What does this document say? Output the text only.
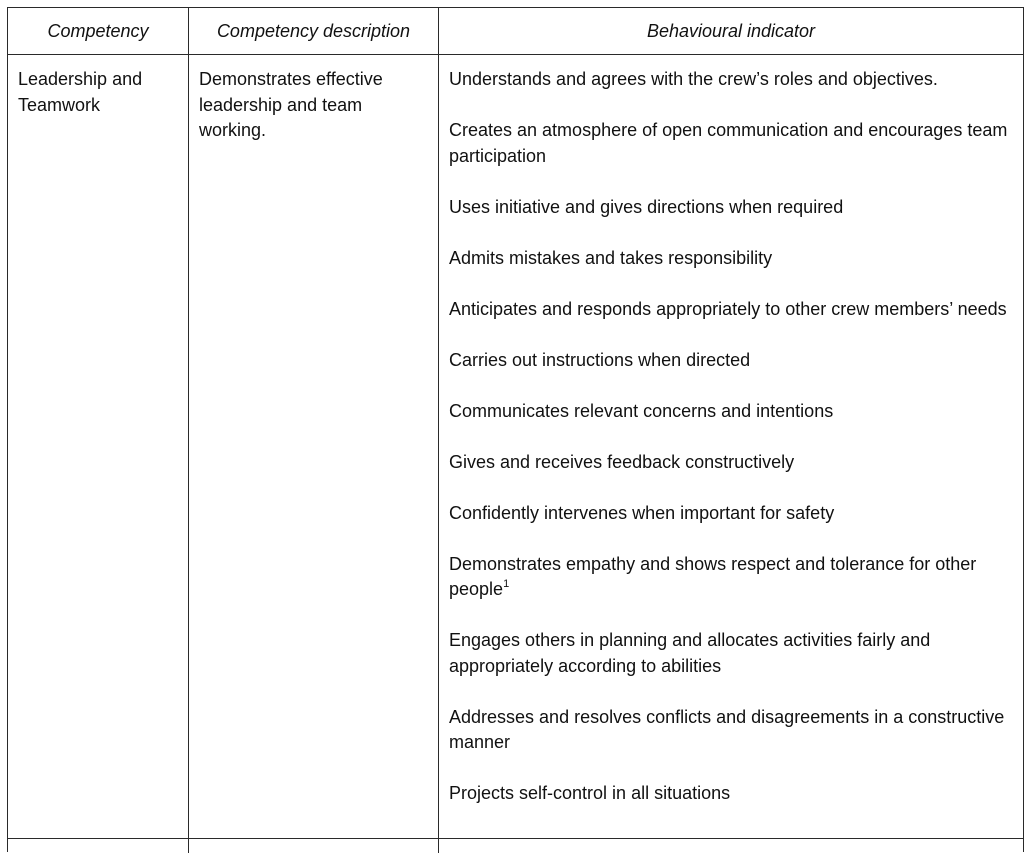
Competency	Competency description	Behavioural indicator
Leadership and Teamwork
Demonstrates effective leadership and team working.

Understands and agrees with the crew’s roles and objectives.

Creates an atmosphere of open communication and encourages team participation

Uses initiative and gives directions when required

Admits mistakes and takes responsibility

Anticipates and responds appropriately to other crew members’ needs

Carries out instructions when directed

Communicates relevant concerns and intentions

Gives and receives feedback constructively

Confidently intervenes when important for safety

Demonstrates empathy and shows respect and tolerance for other people$^1$

Engages others in planning and allocates activities fairly and appropriately according to abilities

Addresses and resolves conflicts and disagreements in a constructive manner

Projects self-control in all situations
